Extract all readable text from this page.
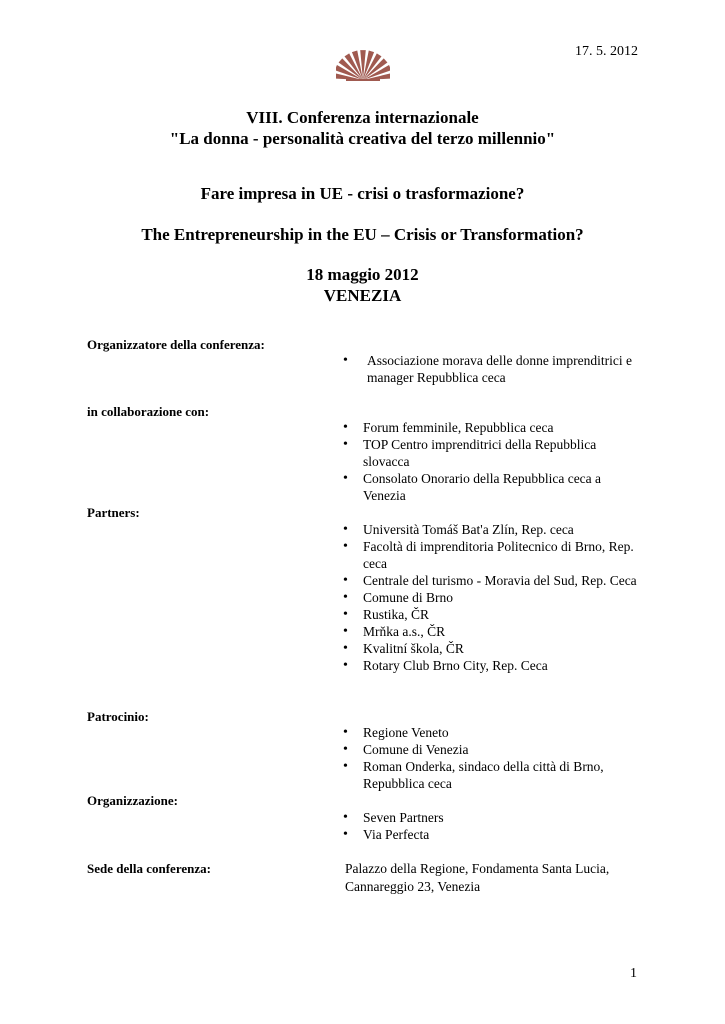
17. 5. 2012
VIII. Conferenza internazionale
"La donna - personalità creativa del terzo millennio"
Fare impresa in UE - crisi o trasformazione?
The Entrepreneurship in the EU – Crisis or Transformation?
18 maggio 2012
VENEZIA
Organizzatore della conferenza:
• Associazione morava delle donne imprenditrici e manager Repubblica ceca
in collaborazione con:
• Forum femminile, Repubblica ceca
• TOP Centro imprenditrici della Repubblica slovacca
• Consolato Onorario della Repubblica ceca a Venezia
Partners:
• Università Tomáš Bat'a Zlín, Rep. ceca
• Facoltà di imprenditoria Politecnico di Brno, Rep. ceca
• Centrale del turismo - Moravia del Sud, Rep. Ceca
• Comune di Brno
• Rustika, ČR
• Mrňka a.s., ČR
• Kvalitní škola, ČR
• Rotary Club Brno City, Rep. Ceca
Patrocinio:
• Regione Veneto
• Comune di Venezia
• Roman Onderka, sindaco della città di Brno, Repubblica ceca
Organizzazione:
• Seven Partners
• Via Perfecta
Sede della conferenza:	Palazzo della Regione, Fondamenta Santa Lucia, Cannareggio 23, Venezia
1
